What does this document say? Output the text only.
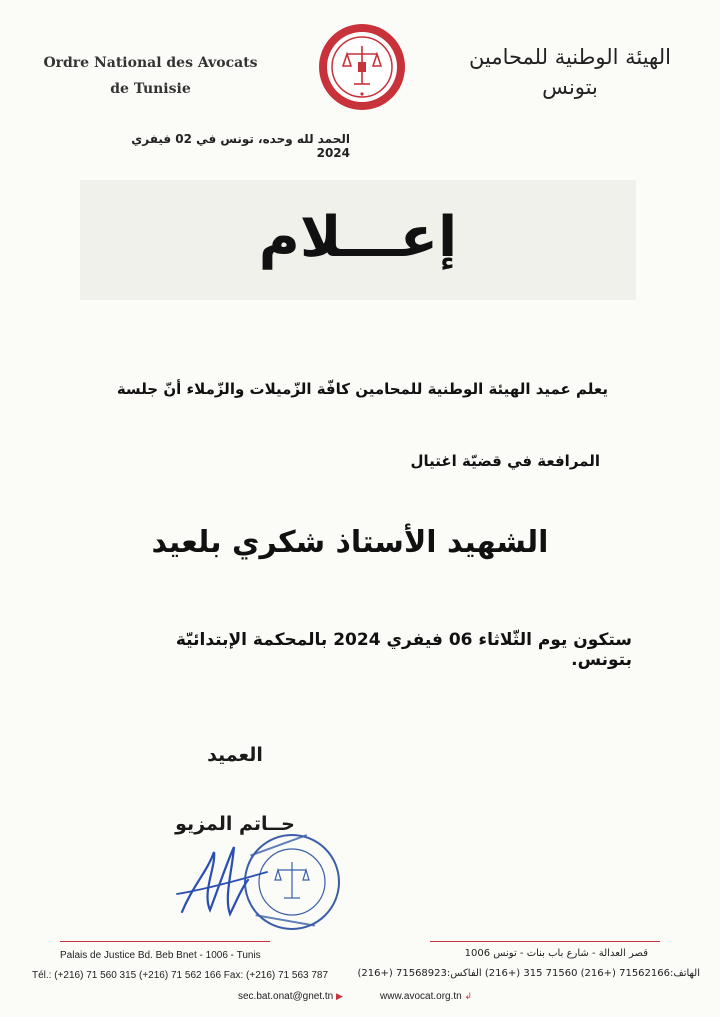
Ordre National des Avocats
de Tunisie
الهيئة الوطنية للمحامين
بتونس
الحمد لله وحده، تونس في 02 فيفري 2024
إعـــلام
يعلم عميد الهيئة الوطنية للمحامين كافّة الزّميلات والزّملاء أنّ جلسة
المرافعة في قضيّة اغتيال
الشهيد الأستاذ شكري بلعيد
ستكون يوم الثّلاثاء 06 فيفري 2024 بالمحكمة الإبتدائيّة بتونس.
العميد
حــاتم المزيو
Palais de Justice Bd. Beb Bnet - 1006 - Tunis
Tél.: (+216) 71 560 315 (+216) 71 562 166 Fax: (+216) 71 563 787
sec.bat.onat@gnet.tn ▶
قصر العدالة - شارع باب بنات - تونس 1006
الهاتف:71562166 (+216) 71560 315 (+216) الفاكس:71568923 (+216)
www.avocat.org.tn ↲
